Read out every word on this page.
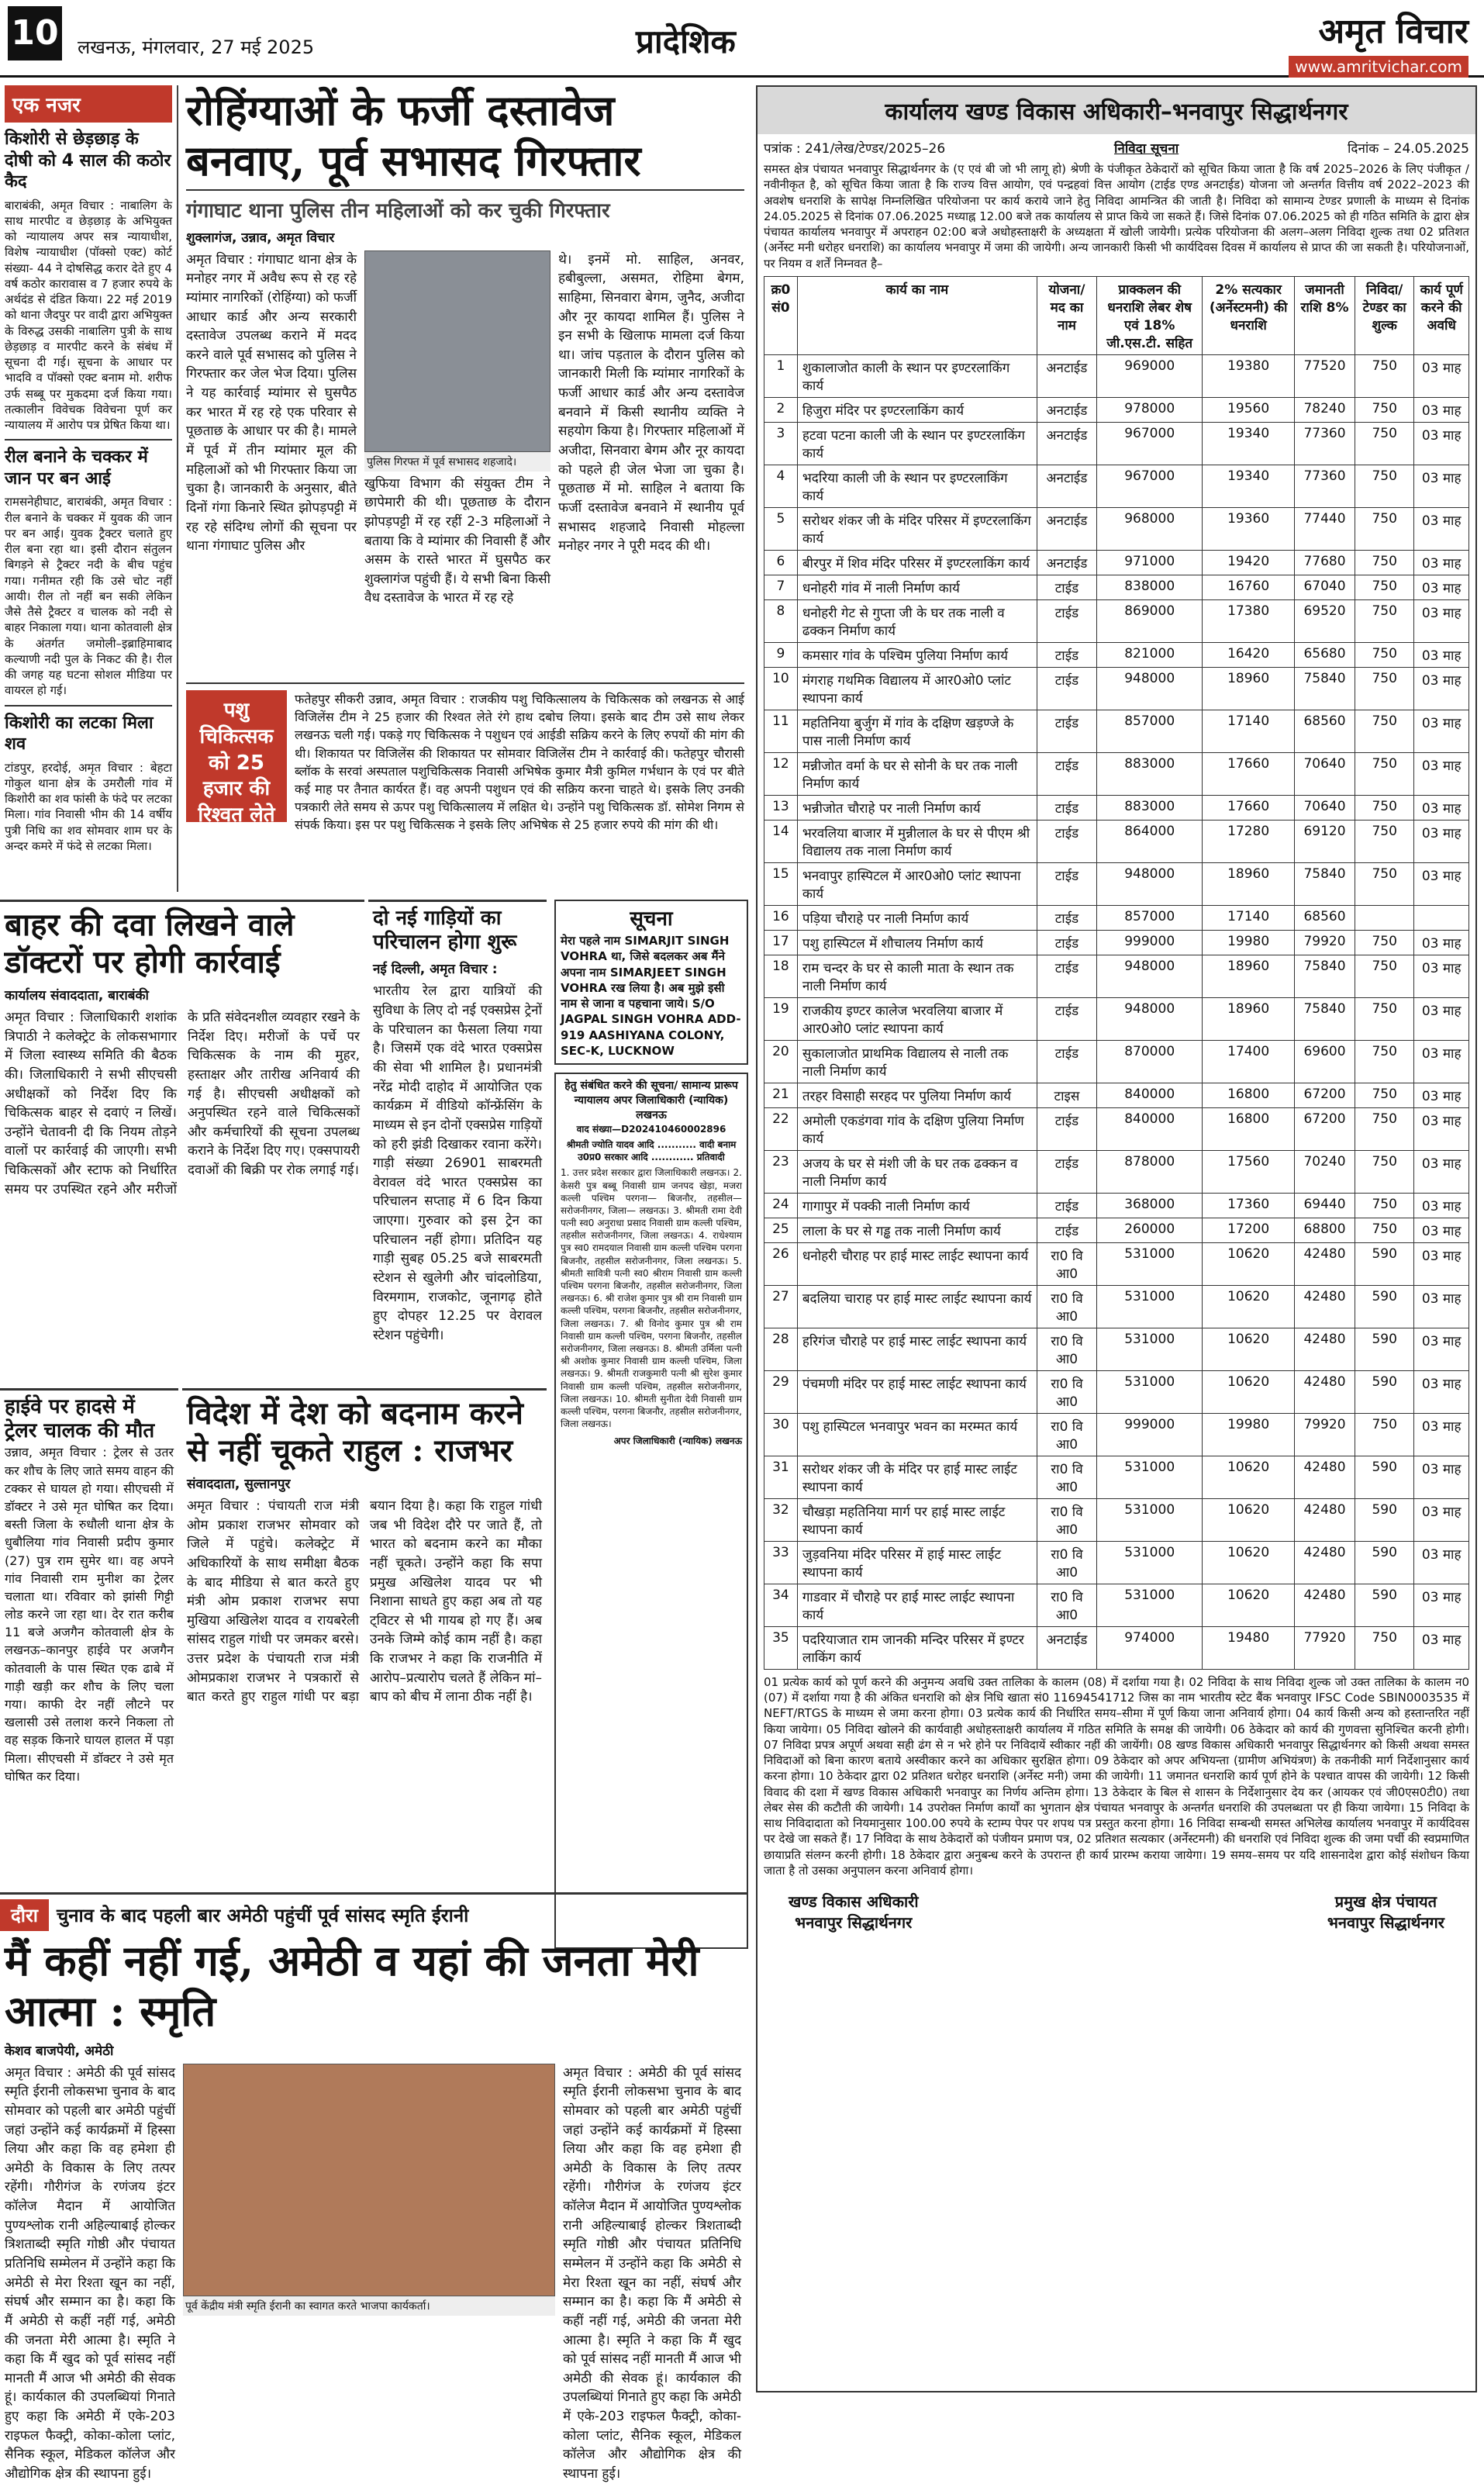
10 लखनऊ, मंगलवार, 27 मई 2025	प्रादेशिक	अमृत विचार
www.amritvichar.com
एक नजर
किशोरी से छेड़छाड़ के दोषी को 4 साल की कठोर कैद
बाराबंकी, अमृत विचार : नाबालिग के साथ मारपीट व छेड़छाड़ के अभियुक्त को न्यायालय अपर सत्र न्यायाधीश, विशेष न्यायाधीश (पॉक्सो एक्ट) कोर्ट संख्या- 44 ने दोषसिद्ध करार देते हुए 4 वर्ष कठोर कारावास व 7 हजार रुपये के अर्थदंड से दंडित किया। 22 मई 2019 को थाना जैदपुर पर वादी द्वारा अभियुक्त के विरुद्ध उसकी नाबालिग पुत्री के साथ छेड़छाड़ व मारपीट करने के संबंध में सूचना दी गई। सूचना के आधार पर भादवि व पॉक्सो एक्ट बनाम मो. शरीफ उर्फ सब्बू पर मुकदमा दर्ज किया गया। तत्कालीन विवेचक विवेचना पूर्ण कर न्यायालय में आरोप पत्र प्रेषित किया था।
रील बनाने के चक्कर में जान पर बन आई
रामसनेहीघाट, बाराबंकी, अमृत विचार : रील बनाने के चक्कर में युवक की जान पर बन आई। युवक ट्रैक्टर चलाते हुए रील बना रहा था। इसी दौरान संतुलन बिगड़ने से ट्रैक्टर नदी के बीच पहुंच गया। गनीमत रही कि उसे चोट नहीं आयी। रील तो नहीं बन सकी लेकिन जैसे तैसे ट्रैक्टर व चालक को नदी से बाहर निकाला गया। थाना कोतवाली क्षेत्र के अंतर्गत जमोली–इब्राहिमाबाद कल्याणी नदी पुल के निकट की है। रील की जगह यह घटना सोशल मीडिया पर वायरल हो गई।
किशोरी का लटका मिला शव
टांडपुर, हरदोई, अमृत विचार : बेहटा गोकुल थाना क्षेत्र के उमरौली गांव में किशोरी का शव फांसी के फंदे पर लटका मिला। गांव निवासी भीम की 14 वर्षीय पुत्री निधि का शव सोमवार शाम घर के अन्दर कमरे में फंदे से लटका मिला।
रोहिंग्याओं के फर्जी दस्तावेज बनवाए, पूर्व सभासद गिरफ्तार
गंगाघाट थाना पुलिस तीन महिलाओं को कर चुकी गिरफ्तार
शुक्लागंज, उन्नाव, अमृत विचार
अमृत विचार : गंगाघाट थाना क्षेत्र के मनोहर नगर में अवैध रूप से रह रहे म्यांमार नागरिकों (रोहिंग्या) को फर्जी आधार कार्ड और अन्य सरकारी दस्तावेज उपलब्ध कराने में मदद करने वाले पूर्व सभासद को पुलिस ने गिरफ्तार कर जेल भेज दिया। पुलिस ने यह कार्रवाई म्यांमार से घुसपैठ कर भारत में रह रहे एक परिवार से पूछताछ के आधार पर की है। मामले में पूर्व में तीन म्यांमार मूल की महिलाओं को भी गिरफ्तार किया जा चुका है। जानकारी के अनुसार, बीते दिनों गंगा किनारे स्थित झोपड़पट्टी में रह रहे संदिग्ध लोगों की सूचना पर थाना गंगाघाट पुलिस और
पुलिस गिरफ्त में पूर्व सभासद शहजादे।
खुफिया विभाग की संयुक्त टीम ने छापेमारी की थी। पूछताछ के दौरान झोपड़पट्टी में रह रहीं 2-3 महिलाओं ने बताया कि वे म्यांमार की निवासी हैं और असम के रास्ते भारत में घुसपैठ कर शुक्लागंज पहुंची हैं। ये सभी बिना किसी वैध दस्तावेज के भारत में रह रहे
थे। इनमें मो. साहिल, अनवर, हबीबुल्ला, असमत, रोहिमा बेगम, साहिमा, सिनवारा बेगम, जुनैद, अजीदा और नूर कायदा शामिल हैं। पुलिस ने इन सभी के खिलाफ मामला दर्ज किया था। जांच पड़ताल के दौरान पुलिस को जानकारी मिली कि म्यांमार नागरिकों के फर्जी आधार कार्ड और अन्य दस्तावेज बनवाने में किसी स्थानीय व्यक्ति ने सहयोग किया है। गिरफ्तार महिलाओं में अजीदा, सिनवारा बेगम और नूर कायदा को पहले ही जेल भेजा जा चुका है। पूछताछ में मो. साहिल ने बताया कि फर्जी दस्तावेज बनवाने में स्थानीय पूर्व सभासद शहजादे निवासी मोहल्ला मनोहर नगर ने पूरी मदद की थी।
पशु चिकित्सक को 25 हजार की रिश्वत लेते दबोचा
फतेहपुर सीकरी उन्नाव, अमृत विचार : राजकीय पशु चिकित्सालय के चिकित्सक को लखनऊ से आई विजिलेंस टीम ने 25 हजार की रिश्वत लेते रंगे हाथ दबोच लिया। इसके बाद टीम उसे साथ लेकर लखनऊ चली गई। पकड़े गए चिकित्सक ने पशुधन एवं आईडी सक्रिय करने के लिए रुपयों की मांग की थी। शिकायत पर विजिलेंस की शिकायत पर सोमवार विजिलेंस टीम ने कार्रवाई की। फतेहपुर चौरासी ब्लॉक के सरवां अस्पताल पशुचिकित्सक निवासी अभिषेक कुमार मैत्री कुमिल गर्भधान के एवं पर बीते कई माह पर तैनात कार्यरत हैं। वह अपनी पशुधन एवं की सक्रिय करना चाहते थे। इसके लिए उनकी पत्रकारी लेते समय से ऊपर पशु चिकित्सालय में लक्षित थे। उन्होंने पशु चिकित्सक डॉ. सोमेश निगम से संपर्क किया। इस पर पशु चिकित्सक ने इसके लिए अभिषेक से 25 हजार रुपये की मांग की थी।
बाहर की दवा लिखने वाले डॉक्टरों पर होगी कार्रवाई
कार्यालय संवाददाता, बाराबंकी
अमृत विचार : जिलाधिकारी शशांक त्रिपाठी ने कलेक्ट्रेट के लोकसभागार में जिला स्वास्थ्य समिति की बैठक की। जिलाधिकारी ने सभी सीएचसी अधीक्षकों को निर्देश दिए कि चिकित्सक बाहर से दवाएं न लिखें। उन्होंने चेतावनी दी कि नियम तोड़ने वालों पर कार्रवाई की जाएगी। सभी चिकित्सकों और स्टाफ को निर्धारित समय पर उपस्थित रहने और मरीजों के प्रति संवेदनशील व्यवहार रखने के निर्देश दिए। मरीजों के पर्चे पर चिकित्सक के नाम की मुहर, हस्ताक्षर और तारीख अनिवार्य की गई है। सीएचसी अधीक्षकों को अनुपस्थित रहने वाले चिकित्सकों और कर्मचारियों की सूचना उपलब्ध कराने के निर्देश दिए गए। एक्सपायरी दवाओं की बिक्री पर रोक लगाई गई।
दो नई गाड़ियों का परिचालन होगा शुरू
नई दिल्ली, अमृत विचार :
भारतीय रेल द्वारा यात्रियों की सुविधा के लिए दो नई एक्सप्रेस ट्रेनों के परिचालन का फैसला लिया गया है। जिसमें एक वंदे भारत एक्सप्रेस की सेवा भी शामिल है। प्रधानमंत्री नरेंद्र मोदी दाहोद में आयोजित एक कार्यक्रम में वीडियो कॉन्फ्रेंसिंग के माध्यम से इन दोनों एक्सप्रेस गाड़ियों को हरी झंडी दिखाकर रवाना करेंगे। गाड़ी संख्या 26901 साबरमती वेरावल वंदे भारत एक्सप्रेस का परिचालन सप्ताह में 6 दिन किया जाएगा। गुरुवार को इस ट्रेन का परिचालन नहीं होगा। प्रतिदिन यह गाड़ी सुबह 05.25 बजे साबरमती स्टेशन से खुलेगी और चांदलोडिया, विरमगाम, राजकोट, जूनागढ़ होते हुए दोपहर 12.25 पर वेरावल स्टेशन पहुंचेगी।
सूचना
मेरा पहले नाम SIMARJIT SINGH VOHRA था, जिसे बदलकर अब मैंने अपना नाम SIMARJEET SINGH VOHRA रख लिया है। अब मुझे इसी नाम से जाना व पहचाना जाये। S/O JAGPAL SINGH VOHRA ADD- 919 AASHIYANA COLONY, SEC-K, LUCKNOW
हेतु संबंधित करने की सूचना/ सामान्य प्रारूप
न्यायालय अपर जिलाधिकारी (न्यायिक) लखनऊ
वाद संख्या—D202410460002896
श्रीमती ज्योति यादव आदि ........... वादी बनाम उ0प्र0 सरकार आदि ............ प्रतिवादी
1. उत्तर प्रदेश सरकार द्वारा जिलाधिकारी लखनऊ। 2. केसरी पुत्र बब्बू निवासी ग्राम जनपद खेड़ा, मजरा कल्ली पश्चिम परगना— बिजनौर, तहसील— सरोजनीनगर, जिला— लखनऊ। 3. श्रीमती रामा देवी पत्नी स्व0 अनुराधा प्रसाद निवासी ग्राम कल्ली पश्चिम, तहसील सरोजनीनगर, जिला लखनऊ। 4. राधेश्याम पुत्र स्व0 रामदयाल निवासी ग्राम कल्ली पश्चिम परगना बिजनौर, तहसील सरोजनीनगर, जिला लखनऊ। 5. श्रीमती सावित्री पत्नी स्व0 श्रीराम निवासी ग्राम कल्ली पश्चिम परगना बिजनौर, तहसील सरोजनीनगर, जिला लखनऊ। 6. श्री राजेश कुमार पुत्र श्री राम निवासी ग्राम कल्ली पश्चिम, परगना बिजनौर, तहसील सरोजनीनगर, जिला लखनऊ। 7. श्री विनोद कुमार पुत्र श्री राम निवासी ग्राम कल्ली पश्चिम, परगना बिजनौर, तहसील सरोजनीनगर, जिला लखनऊ। 8. श्रीमती उर्मिला पत्नी श्री अशोक कुमार निवासी ग्राम कल्ली पश्चिम, जिला लखनऊ। 9. श्रीमती राजकुमारी पत्नी श्री सुरेश कुमार निवासी ग्राम कल्ली पश्चिम, तहसील सरोजनीनगर, जिला लखनऊ। 10. श्रीमती सुनीता देवी निवासी ग्राम कल्ली पश्चिम, परगना बिजनौर, तहसील सरोजनीनगर, जिला लखनऊ।
अपर जिलाधिकारी (न्यायिक) लखनऊ
हाईवे पर हादसे में ट्रेलर चालक की मौत
उन्नाव, अमृत विचार : ट्रेलर से उतर कर शौच के लिए जाते समय वाहन की टक्कर से घायल हो गया। सीएचसी में डॉक्टर ने उसे मृत घोषित कर दिया। बस्ती जिला के रुधौली थाना क्षेत्र के धुबौलिया गांव निवासी प्रदीप कुमार (27) पुत्र राम सुमेर था। वह अपने गांव निवासी राम मुनीश का ट्रेलर चलाता था। रविवार को झांसी गिट्टी लोड करने जा रहा था। देर रात करीब 11 बजे अजगैन कोतवाली क्षेत्र के लखनऊ–कानपुर हाईवे पर अजगैन कोतवाली के पास स्थित एक ढाबे में गाड़ी खड़ी कर शौच के लिए चला गया। काफी देर नहीं लौटने पर खलासी उसे तलाश करने निकला तो वह सड़क किनारे घायल हालत में पड़ा मिला। सीएचसी में डॉक्टर ने उसे मृत घोषित कर दिया।
विदेश में देश को बदनाम करने से नहीं चूकते राहुल : राजभर
संवाददाता, सुल्तानपुर
अमृत विचार : पंचायती राज मंत्री ओम प्रकाश राजभर सोमवार को जिले में पहुंचे। कलेक्ट्रेट में अधिकारियों के साथ समीक्षा बैठक के बाद मीडिया से बात करते हुए मंत्री ओम प्रकाश राजभर सपा मुखिया अखिलेश यादव व रायबरेली सांसद राहुल गांधी पर जमकर बरसे। उत्तर प्रदेश के पंचायती राज मंत्री ओमप्रकाश राजभर ने पत्रकारों से बात करते हुए राहुल गांधी पर बड़ा बयान दिया है। कहा कि राहुल गांधी जब भी विदेश दौरे पर जाते हैं, तो भारत को बदनाम करने का मौका नहीं चूकते। उन्होंने कहा कि सपा प्रमुख अखिलेश यादव पर भी निशाना साधते हुए कहा अब तो यह ट्विटर से भी गायब हो गए हैं। अब उनके जिम्मे कोई काम नहीं है। कहा कि राजभर ने कहा कि राजनीति में आरोप–प्रत्यारोप चलते हैं लेकिन मां–बाप को बीच में लाना ठीक नहीं है।
दौरा	चुनाव के बाद पहली बार अमेठी पहुंचीं पूर्व सांसद स्मृति ईरानी
मैं कहीं नहीं गई, अमेठी व यहां की जनता मेरी आत्मा : स्मृति
केशव बाजपेयी, अमेठी
अमृत विचार : अमेठी की पूर्व सांसद स्मृति ईरानी लोकसभा चुनाव के बाद सोमवार को पहली बार अमेठी पहुंचीं जहां उन्होंने कई कार्यक्रमों में हिस्सा लिया और कहा कि वह हमेशा ही अमेठी के विकास के लिए तत्पर रहेंगी। गौरीगंज के रणंजय इंटर कॉलेज मैदान में आयोजित पुण्यश्लोक रानी अहिल्याबाई होल्कर त्रिशताब्दी स्मृति गोष्ठी और पंचायत प्रतिनिधि सम्मेलन में उन्होंने कहा कि अमेठी से मेरा रिश्ता खून का नहीं, संघर्ष और सम्मान का है। कहा कि मैं अमेठी से कहीं नहीं गई, अमेठी की जनता मेरी आत्मा है। स्मृति ने कहा कि मैं खुद को पूर्व सांसद नहीं मानती मैं आज भी अमेठी की सेवक हूं। कार्यकाल की उपलब्धियां गिनाते हुए कहा कि अमेठी में एके-203 राइफल फैक्ट्री, कोका-कोला प्लांट, सैनिक स्कूल, मेडिकल कॉलेज और औद्योगिक क्षेत्र की स्थापना हुई।
पूर्व केंद्रीय मंत्री स्मृति ईरानी का स्वागत करते भाजपा कार्यकर्ता।
अमृत विचार : अमेठी की पूर्व सांसद स्मृति ईरानी लोकसभा चुनाव के बाद सोमवार को पहली बार अमेठी पहुंचीं जहां उन्होंने कई कार्यक्रमों में हिस्सा लिया और कहा कि वह हमेशा ही अमेठी के विकास के लिए तत्पर रहेंगी। गौरीगंज के रणंजय इंटर कॉलेज मैदान में आयोजित पुण्यश्लोक रानी अहिल्याबाई होल्कर त्रिशताब्दी स्मृति गोष्ठी और पंचायत प्रतिनिधि सम्मेलन में उन्होंने कहा कि अमेठी से मेरा रिश्ता खून का नहीं, संघर्ष और सम्मान का है। कहा कि मैं अमेठी से कहीं नहीं गई, अमेठी की जनता मेरी आत्मा है। स्मृति ने कहा कि मैं खुद को पूर्व सांसद नहीं मानती मैं आज भी अमेठी की सेवक हूं। कार्यकाल की उपलब्धियां गिनाते हुए कहा कि अमेठी में एके-203 राइफल फैक्ट्री, कोका-कोला प्लांट, सैनिक स्कूल, मेडिकल कॉलेज और औद्योगिक क्षेत्र की स्थापना हुई।
कार्यालय खण्ड विकास अधिकारी–भनवापुर सिद्धार्थनगर
पत्रांक : 241/लेख/टेण्डर/2025–26	निविदा सूचना	दिनांक – 24.05.2025
समस्त क्षेत्र पंचायत भनवापुर सिद्धार्थनगर के (ए एवं बी जो भी लागू हो) श्रेणी के पंजीकृत ठेकेदारों को सूचित किया जाता है कि वर्ष 2025–2026 के लिए पंजीकृत / नवीनीकृत है, को सूचित किया जाता है कि राज्य वित्त आयोग, एवं पन्द्रहवां वित्त आयोग (टाईड एण्ड अनटाईड) योजना जो अन्तर्गत वित्तीय वर्ष 2022–2023 की अवशेष धनराशि के सापेक्ष निम्नलिखित परियोजना पर कार्य कराये जाने हेतु निविदा आमन्त्रित की जाती है। निविदा को सामान्य टेण्डर प्रणाली के माध्यम से दिनांक 24.05.2025 से दिनांक 07.06.2025 मध्याह्न 12.00 बजे तक कार्यालय से प्राप्त किये जा सकते हैं। जिसे दिनांक 07.06.2025 को ही गठित समिति के द्वारा क्षेत्र पंचायत कार्यालय भनवापुर में अपराहन 02:00 बजे अधोहस्ताक्षरी के अध्यक्षता में खोली जायेगी। प्रत्येक परियोजना की अलग–अलग निविदा शुल्क तथा 02 प्रतिशत (अर्नेस्ट मनी धरोहर धनराशि) का कार्यालय भनवापुर में जमा की जायेगी। अन्य जानकारी किसी भी कार्यदिवस दिवस में कार्यालय से प्राप्त की जा सकती है। परियोजनाओं, पर नियम व शर्तें निम्नवत है–
क्र0 सं0	कार्य का नाम	योजना/मद का नाम	प्राक्कलन की धनराशि लेबर शेष एवं 18% जी.एस.टी. सहित	2% सत्यकार (अर्नेस्टमनी) की धनराशि	जमानती राशि 8%	निविदा/टेण्डर का शुल्क	कार्य पूर्ण करने की अवधि
1	शुकालाजोत काली के स्थान पर इण्टरलाकिंग कार्य	अनटाईड	969000	19380	77520	750	03 माह
2	हिजुरा मंदिर पर इण्टरलाकिंग कार्य	अनटाईड	978000	19560	78240	750	03 माह
3	हटवा पटना काली जी के स्थान पर इण्टरलाकिंग कार्य	अनटाईड	967000	19340	77360	750	03 माह
4	भदरिया काली जी के स्थान पर इण्टरलाकिंग कार्य	अनटाईड	967000	19340	77360	750	03 माह
5	सरोथर शंकर जी के मंदिर परिसर में इण्टरलाकिंग कार्य	अनटाईड	968000	19360	77440	750	03 माह
6	बीरपुर में शिव मंदिर परिसर में इण्टरलाकिंग कार्य	अनटाईड	971000	19420	77680	750	03 माह
7	धनोहरी गांव में नाली निर्माण कार्य	टाईड	838000	16760	67040	750	03 माह
8	धनोहरी गेट से गुप्ता जी के घर तक नाली व ढक्कन निर्माण कार्य	टाईड	869000	17380	69520	750	03 माह
9	कमसार गांव के पश्चिम पुलिया निर्माण कार्य	टाईड	821000	16420	65680	750	03 माह
10	मंगराह गथमिक विद्यालय में आर0ओ0 प्लांट स्थापना कार्य	टाईड	948000	18960	75840	750	03 माह
11	महतिनिया बुर्जुग में गांव के दक्षिण खड़ण्जे के पास नाली निर्माण कार्य	टाईड	857000	17140	68560	750	03 माह
12	मन्नीजोत वर्मा के घर से सोनी के घर तक नाली निर्माण कार्य	टाईड	883000	17660	70640	750	03 माह
13	भन्नीजोत चौराहे पर नाली निर्माण कार्य	टाईड	883000	17660	70640	750	03 माह
14	भरवलिया बाजार में मुन्नीलाल के घर से पीएम श्री विद्यालय तक नाला निर्माण कार्य	टाईड	864000	17280	69120	750	03 माह
15	भनवापुर हास्पिटल में आर0ओ0 प्लांट स्थापना कार्य	टाईड	948000	18960	75840	750	03 माह
16	पड़िया चौराहे पर नाली निर्माण कार्य	टाईड	857000	17140	68560		
17	पशु हास्पिटल में शौचालय निर्माण कार्य	टाईड	999000	19980	79920	750	03 माह
18	राम चन्दर के घर से काली माता के स्थान तक नाली निर्माण कार्य	टाईड	948000	18960	75840	750	03 माह
19	राजकीय इण्टर कालेज भरवलिया बाजार में आर0ओ0 प्लांट स्थापना कार्य	टाईड	948000	18960	75840	750	03 माह
20	सुकालाजोत प्राथमिक विद्यालय से नाली तक नाली निर्माण कार्य	टाईड	870000	17400	69600	750	03 माह
21	तरहर विसाही सरहद पर पुलिया निर्माण कार्य	टाइस	840000	16800	67200	750	03 माह
22	अमोली एकडंगवा गांव के दक्षिण पुलिया निर्माण कार्य	टाईड	840000	16800	67200	750	03 माह
23	अजय के घर से मंशी जी के घर तक ढक्कन व नाली निर्माण कार्य	टाईड	878000	17560	70240	750	03 माह
24	गागापुर में पक्की नाली निर्माण कार्य	टाईड	368000	17360	69440	750	03 माह
25	लाला के घर से गड्ढ तक नाली निर्माण कार्य	टाईड	260000	17200	68800	750	03 माह
26	धनोहरी चौराह पर हाई मास्ट लाईट स्थापना कार्य	रा0 वि आ0	531000	10620	42480	590	03 माह
27	बदलिया चाराह पर हाई मास्ट लाईट स्थापना कार्य	रा0 वि आ0	531000	10620	42480	590	03 माह
28	हरिगंज चौराहे पर हाई मास्ट लाईट स्थापना कार्य	रा0 वि आ0	531000	10620	42480	590	03 माह
29	पंचमणी मंदिर पर हाई मास्ट लाईट स्थापना कार्य	रा0 वि आ0	531000	10620	42480	590	03 माह
30	पशु हास्पिटल भनवापुर भवन का मरम्मत कार्य	रा0 वि आ0	999000	19980	79920	750	03 माह
31	सरोथर शंकर जी के मंदिर पर हाई मास्ट लाईट स्थापना कार्य	रा0 वि आ0	531000	10620	42480	590	03 माह
32	चौखड़ा महतिनिया मार्ग पर हाई मास्ट लाईट स्थापना कार्य	रा0 वि आ0	531000	10620	42480	590	03 माह
33	जुड़वनिया मंदिर परिसर में हाई मास्ट लाईट स्थापना कार्य	रा0 वि आ0	531000	10620	42480	590	03 माह
34	गाडवार में चौराहे पर हाई मास्ट लाईट स्थापना कार्य	रा0 वि आ0	531000	10620	42480	590	03 माह
35	पदरियाजात राम जानकी मन्दिर परिसर में इण्टर लाकिंग कार्य	अनटाईड	974000	19480	77920	750	03 माह
01 प्रत्येक कार्य को पूर्ण करने की अनुमन्य अवधि उक्त तालिका के कालम (08) में दर्शाया गया है। 02 निविदा के साथ निविदा शुल्क जो उक्त तालिका के कालम न0 (07) में दर्शाया गया है की अंकित धनराशि को क्षेत्र निधि खाता सं0 11694541712 जिस का नाम भारतीय स्टेट बैंक भनवापुर IFSC Code SBIN0003535 में NEFT/RTGS के माध्यम से जमा करना होगा। 03 प्रत्येक कार्य की निर्धारित समय–सीमा में पूर्ण किया जाना अनिवार्य होगा। 04 कार्य किसी अन्य को हस्तान्तरित नहीं किया जायेगा। 05 निविदा खोलने की कार्यवाही अधोहस्ताक्षरी कार्यालय में गठित समिति के समक्ष की जायेगी। 06 ठेकेदार को कार्य की गुणवत्ता सुनिश्चित करनी होगी। 07 निविदा प्रपत्र अपूर्ण अथवा सही ढंग से न भरे होने पर निविदायें स्वीकार नहीं की जायेंगी। 08 खण्ड विकास अधिकारी भनवापुर सिद्धार्थनगर को किसी अथवा समस्त निविदाओं को बिना कारण बताये अस्वीकार करने का अधिकार सुरक्षित होगा। 09 ठेकेदार को अपर अभियन्ता (ग्रामीण अभियंत्रण) के तकनीकी मार्ग निर्देशानुसार कार्य करना होगा। 10 ठेकेदार द्वारा 02 प्रतिशत धरोहर धनराशि (अर्नेस्ट मनी) जमा की जायेगी। 11 जमानत धनराशि कार्य पूर्ण होने के पश्चात वापस की जायेगी। 12 किसी विवाद की दशा में खण्ड विकास अधिकारी भनवापुर का निर्णय अन्तिम होगा। 13 ठेकेदार के बिल से शासन के निर्देशानुसार देय कर (आयकर एवं जी0एस0टी0) तथा लेबर सेस की कटौती की जायेगी। 14 उपरोक्त निर्माण कार्यों का भुगतान क्षेत्र पंचायत भनवापुर के अन्तर्गत धनराशि की उपलब्धता पर ही किया जायेगा। 15 निविदा के साथ निविदादाता को नियमानुसार 100.00 रुपये के स्टाम्प पेपर पर शपथ पत्र प्रस्तुत करना होगा। 16 निविदा सम्बन्धी समस्त अभिलेख कार्यालय भनवापुर में कार्यदिवस पर देखे जा सकते हैं। 17 निविदा के साथ ठेकेदारों को पंजीयन प्रमाण पत्र, 02 प्रतिशत सत्यकार (अर्नेस्टमनी) की धनराशि एवं निविदा शुल्क की जमा पर्ची की स्वप्रमाणित छायाप्रति संलग्न करनी होगी। 18 ठेकेदार द्वारा अनुबन्ध करने के उपरान्त ही कार्य प्रारम्भ कराया जायेगा। 19 समय–समय पर यदि शासनादेश द्वारा कोई संशोधन किया जाता है तो उसका अनुपालन करना अनिवार्य होगा।
खण्ड विकास अधिकारी
भनवापुर सिद्धार्थनगर
प्रमुख क्षेत्र पंचायत
भनवापुर सिद्धार्थनगर
